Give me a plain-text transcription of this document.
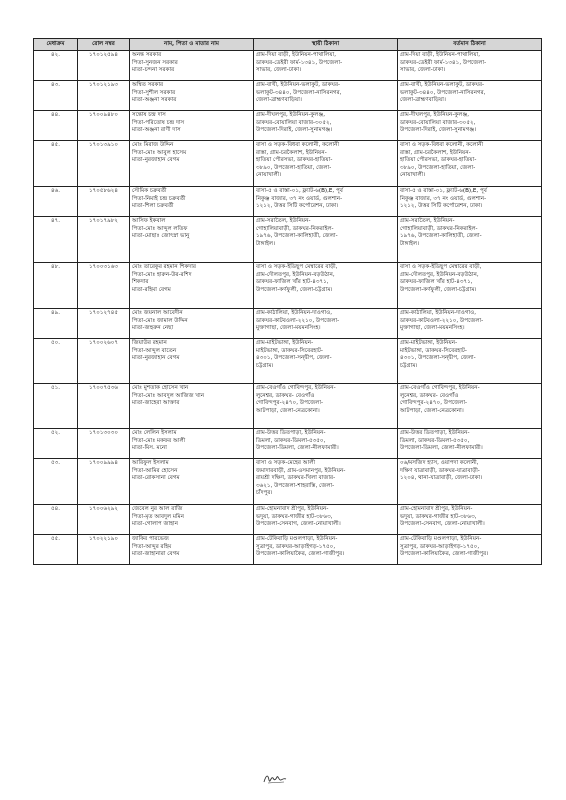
মেধাক্রম	রোল নম্বর	নাম, পিতা ও মাতার নাম	স্থায়ী ঠিকানা	বর্তমান ঠিকানা
৪২.	১৭০১২৫৯৪	অনন্ত সরকার
পিতা-সুনজন সরকার
মাতা-চন্দনা সরকার	গ্রাম-দিয়া বাড়ী, ইউনিয়ন-পাথালিয়া,
ডাকঘর-ডেইরী ফার্ম-১৩৪১, উপজেলা-
সাভার, জেলা-ঢাকা।	গ্রাম-দিয়া বাড়ী, ইউনিয়ন-পাথালিয়া,
ডাকঘর-ডেইরী ফার্ম-১৩৪১, উপজেলা-
সাভার, জেলা-ঢাকা।

৪৩.	১৭০১২১৯৩	অম্বিত সরকার
পিতা-সুশীল সরকার
মাতা-অঞ্জনা সরকার	গ্রাম-বাখী, ইউনিয়ন-ভলাকুট, ডাকঘর-
ভলাকুট-৩৪৪০, উপজেলা-নাসিরনগর,
জেলা-ব্রাহ্মণবাড়িয়া।	গ্রাম-বাখী, ইউনিয়ন-ভলাকুট, ডাকঘর-
ভলাকুট-৩৪৪০, উপজেলা-নাসিরনগর,
জেলা-ব্রাহ্মণবাড়িয়া।

৪৪.	১৭০০৯৪৮০	সন্তোষ চন্দ্র দাস
পিতা-পরিতোষ চন্দ্র দাস
মাতা-অঞ্জনা রাণী দাস	গ্রাম-দীঘলপুর, ইউনিয়ন-কুলঞ্জ,
ডাকঘর-বোয়ালিয়া বাজার-৩০৫২,
উপজেলা-দিরাই, জেলা-সুনামগঞ্জ।	গ্রাম-দীঘলপুর, ইউনিয়ন-কুলঞ্জ,
ডাকঘর-বোয়ালিয়া বাজার-৩০৫২,
উপজেলা-দিরাই, জেলা-সুনামগঞ্জ।

৪৫.	১৭০১৩৯১০	মোঃ মিরাজ উদ্দিন
পিতা-মোঃ আবুল হাসেম
মাতা-নুরজাহান বেগম	বাসা ও সড়ক-বিধবা কলোনী, কলোনী
রাস্তা, গ্রাম-চরকৈলাশ, ইউনিয়ন-
হাতিয়া পৌরসভা, ডাকঘর-হাতিয়া-
৩৮৯০, উপজেলা-হাতিয়া, জেলা-
নোয়াখালী।	বাসা ও সড়ক-বিধবা কলোনী, কলোনী
রাস্তা, গ্রাম-চরকৈলাশ, ইউনিয়ন-
হাতিয়া পৌরসভা, ডাকঘর-হাতিয়া-
৩৮৯০, উপজেলা-হাতিয়া, জেলা-
নোয়াখালী।

৪৬.	১৭০৫৮৬২৪	সৌমিক চক্রবর্তী
পিতা-নিমাই চন্দ্র চক্রবর্তী
মাতা-শিলা চক্রবর্তী	বাসা-৫ ও রাস্তা-০১, ফ্ল্যাট-৬(B),E, পূর্ব
নিকুঞ্জ বাজার, ৩৭ নং ওয়ার্ড, গুলশান-
১২১২, উত্তর সিটি কর্পোরেশন, ঢাকা।	বাসা-৫ ও রাস্তা-০১, ফ্ল্যাট-৬(B),E, পূর্ব
নিকুঞ্জ বাজার, ৩৭ নং ওয়ার্ড, গুলশান-
১২১২, উত্তর সিটি কর্পোরেশন, ঢাকা।

৪৭.	১৭০১৭৯৮২	আসিফ ইকবাল
পিতা-মোঃ আব্দুল লতিফ
মাতা-মোছাঃ জোৎস্না ভানু	গ্রাম-সরাতৈল, ইউনিয়ন-
গোহালিয়াবাড়ী, ডাকঘর-নিকরাইল-
১৯৭৬, উপজেলা-কালিহাতী, জেলা-
টাঙ্গাইল।	গ্রাম-সরাতৈল, ইউনিয়ন-
গোহালিয়াবাড়ী, ডাকঘর-নিকরাইল-
১৯৭৬, উপজেলা-কালিহাতী, জেলা-
টাঙ্গাইল।

৪৮.	১৭০০৩১৬৩	মোঃ তারেকুর রহমান শিকদার
পিতা-মোঃ হারুন-উর-রশিদ
শিকদার
মাতা-রহিমা বেগম	বাসা ও সড়ক-ইডিছুপ মেম্বারের বাড়ী,
গ্রাম-দৌলতপুর, ইউনিয়ন-বড়উঠান,
ডাকঘর-ফাজিল খাঁর হাট-৪৩৭১,
উপজেলা-কর্ণফুলী, জেলা-চট্টগ্রাম।	বাসা ও সড়ক-ইডিছুপ মেম্বারের বাড়ী,
গ্রাম-দৌলতপুর, ইউনিয়ন-বড়উঠান,
ডাকঘর-ফাজিল খাঁর হাট-৪৩৭১,
উপজেলা-কর্ণফুলী, জেলা-চট্টগ্রাম।

৪৯.	১৭০১২৭৪৫	মোঃ জয়নাল আবেদীন
পিতা-মোঃ জামাল উদ্দিন
মাতা-জহুরুন নেছা	গ্রাম-কাঠালিয়া, ইউনিয়ন-দাওগাও,
ডাকঘর-কাটবওলা-২২১০, উপজেলা-
মুক্তাগাছা, জেলা-ময়মনসিংহ।	গ্রাম-কাঠালিয়া, ইউনিয়ন-দাওগাও,
ডাকঘর-কাটবওলা-২২১০, উপজেলা-
মুক্তাগাছা, জেলা-ময়মনসিংহ।

৫০.	১৭০০২৬০৭	জিয়াউর রহমান
পিতা-আব্দুল বাতেন
মাতা-নুরজাহান বেগম	গ্রাম-মাইটভাঙ্গা, ইউনিয়ন-
মাইটভাঙ্গা, ডাকঘর-সিবেরহাট-
৪৩০১, উপজেলা-সন্দ্বীপ, জেলা-
চট্টগ্রাম।	গ্রাম-মাইটভাঙ্গা, ইউনিয়ন-
মাইটভাঙ্গা, ডাকঘর-সিবেরহাট-
৪৩০১, উপজেলা-সন্দ্বীপ, জেলা-
চট্টগ্রাম।

৫১.	১৭০০৭৫৩৬	মোঃ মুশতাক হোসেন খান
পিতা-মোঃ আবদুল আজিজ খান
মাতা-জাহেরা আক্তার	গ্রাম-বেওগাঁও গোবিন্দপুর, ইউনিয়ন-
লুনেশ্বর, ডাকঘর- বেওগাঁও
গোবিন্দপুর-২৪৭০, উপজেলা-
আটপাড়া, জেলা-নেত্রকোনা।	গ্রাম-বেওগাঁও গোবিন্দপুর, ইউনিয়ন-
লুনেশ্বর, ডাকঘর- বেওগাঁও
গোবিন্দপুর-২৪৭০, উপজেলা-
আটপাড়া, জেলা-নেত্রকোনা।

৫২.	১৭০১৩০৩০	মোঃ লেলিন ইসলাম
পিতা-মোঃ মকফর আলী
মাতা-মিস. মনো	গ্রাম-উত্তর ডিতপাড়া, ইউনিয়ন-
ডিমলা, ডাকঘর-ডিমলা-৫৩৫০,
উপজেলা-ডিমলা, জেলা-নীলফামারী।	গ্রাম-উত্তর ডিতপাড়া, ইউনিয়ন-
ডিমলা, ডাকঘর-ডিমলা-৫৩৫০,
উপজেলা-ডিমলা, জেলা-নীলফামারী।

৫৩.	১৭০০৯৯৯৪	আরিফুল ইসলাম
পিতা-আমির হোসেন
মাতা-রোকসানা বেগম	বাসা ও সড়ক-মেহের আলী
জমাদারবাড়ী, গ্রাম-ওসমানপুর, ইউনিয়ন-
রায়শ্রী দক্ষিণ, ডাকঘর-খিলা বাজার-
৩৬২১, উপজেলা-শাহরাস্তি, জেলা-
চাঁদপুর।	০৬/মসজিদ হ্যাস, ওয়াপদা কলোনী,
দক্ষিণ যাত্রাবাড়ী, ডাকঘর-যাত্রাবাড়ী-
১২০৪, থানা-যাত্রাবাড়ী, জেলা-ঢাকা।

৫৪.	১৭০০৬২৯২	জেবেল নুর আল রাজি
পিতা-মৃত আবদুল মমিন
মাতা-গোলাপ জাহান	গ্রাম-হোমনাবাদ শ্রীপুর, ইউনিয়ন-
ভদুয়া, ডাকঘর-গাজীর হাট-৩৮৬৩,
উপজেলা-সেনবাগ, জেলা-নোয়াখালী।	গ্রাম-হোমনাবাদ শ্রীপুর, ইউনিয়ন-
ভদুয়া, ডাকঘর-গাজীর হাট-৩৮৬৩,
উপজেলা-সেনবাগ, জেলা-নোয়াখালী।

৫৫.	১৭০২২১৯০	জাকির পারভেজ
পিতা-আব্দুর রহিম
মাতা-জাহানারা বেগম	গ্রাম-টেকিবাড়ি মণ্ডলপাড়া, ইউনিয়ন-
সুত্রাপুর, ডাকঘর-আড়াইগড়-১৭৫০,
উপজেলা-কালিয়াকৈর, জেলা-গাজীপুর।	গ্রাম-টেকিবাড়ি মণ্ডলপাড়া, ইউনিয়ন-
সুত্রাপুর, ডাকঘর-আড়াইগড়-১৭৫০,
উপজেলা-কালিয়াকৈর, জেলা-গাজীপুর।
